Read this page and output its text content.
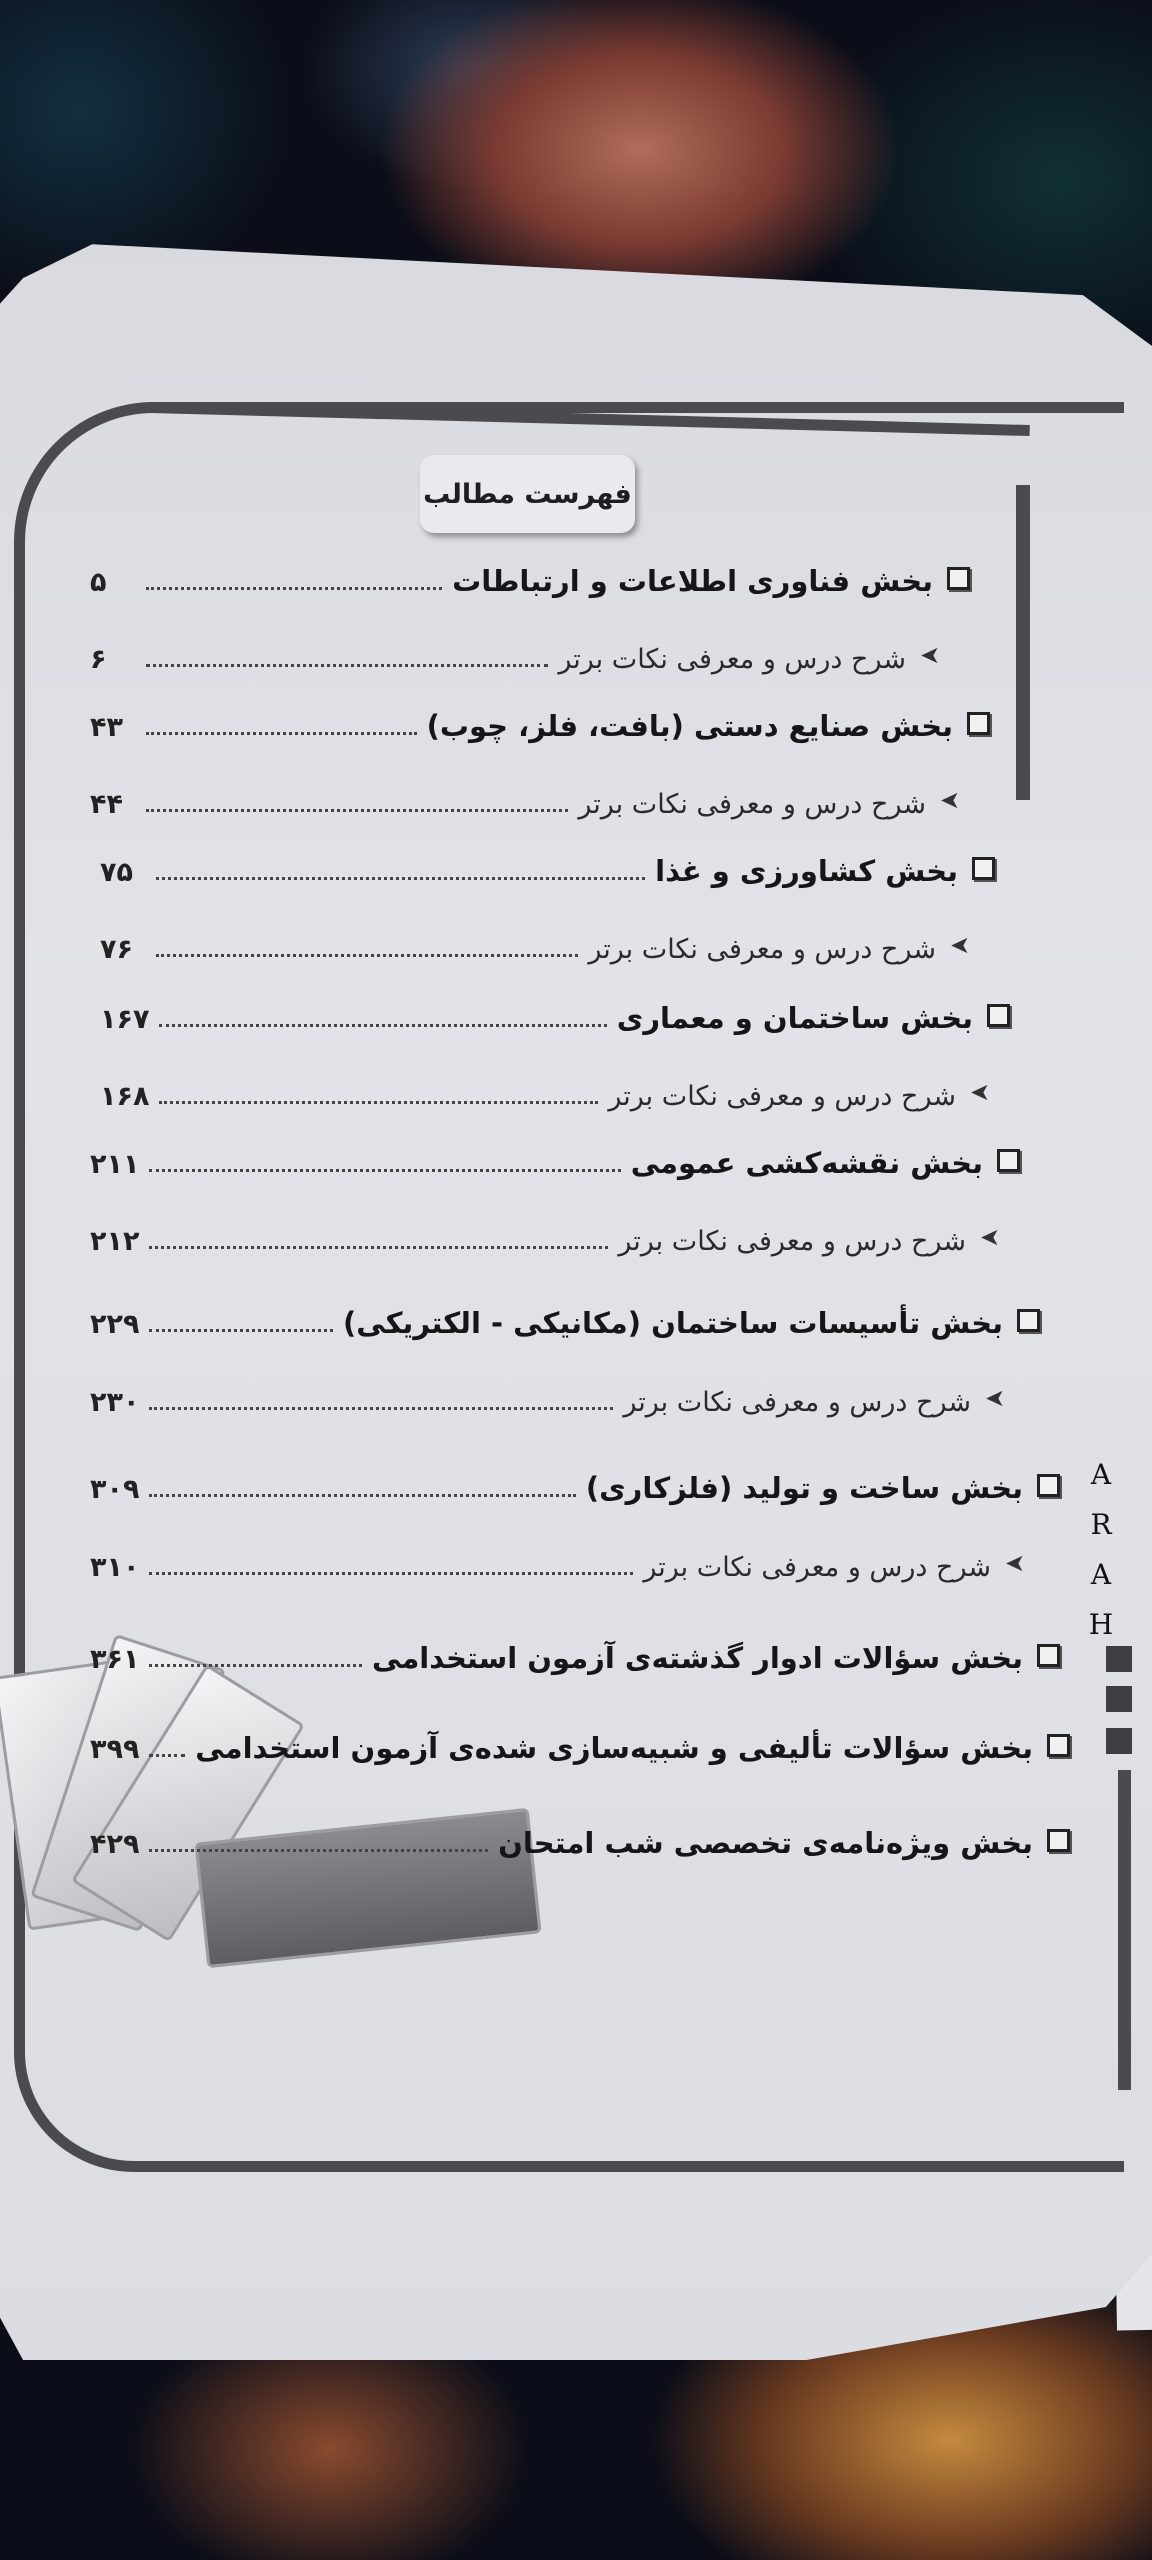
فهرست مطالب
بخش فناوری اطلاعات و ارتباطات
۵
➤
شرح درس و معرفی نکات برتر
۶
بخش صنایع دستی (بافت، فلز، چوب)
۴۳
➤
شرح درس و معرفی نکات برتر
۴۴
بخش کشاورزی و غذا
۷۵
➤
شرح درس و معرفی نکات برتر
۷۶
بخش ساختمان و معماری
۱۶۷
➤
شرح درس و معرفی نکات برتر
۱۶۸
بخش نقشه‌کشی عمومی
۲۱۱
➤
شرح درس و معرفی نکات برتر
۲۱۲
بخش تأسیسات ساختمان (مکانیکی - الکتریکی)
۲۲۹
➤
شرح درس و معرفی نکات برتر
۲۳۰
بخش ساخت و تولید (فلزکاری)
۳۰۹
➤
شرح درس و معرفی نکات برتر
۳۱۰
بخش سؤالات ادوار گذشته‌ی آزمون استخدامی
۳۶۱
بخش سؤالات تألیفی و شبیه‌سازی شده‌ی آزمون استخدامی
۳۹۹
بخش ویژه‌نامه‌ی تخصصی شب امتحان
۴۲۹
A
R
A
H
